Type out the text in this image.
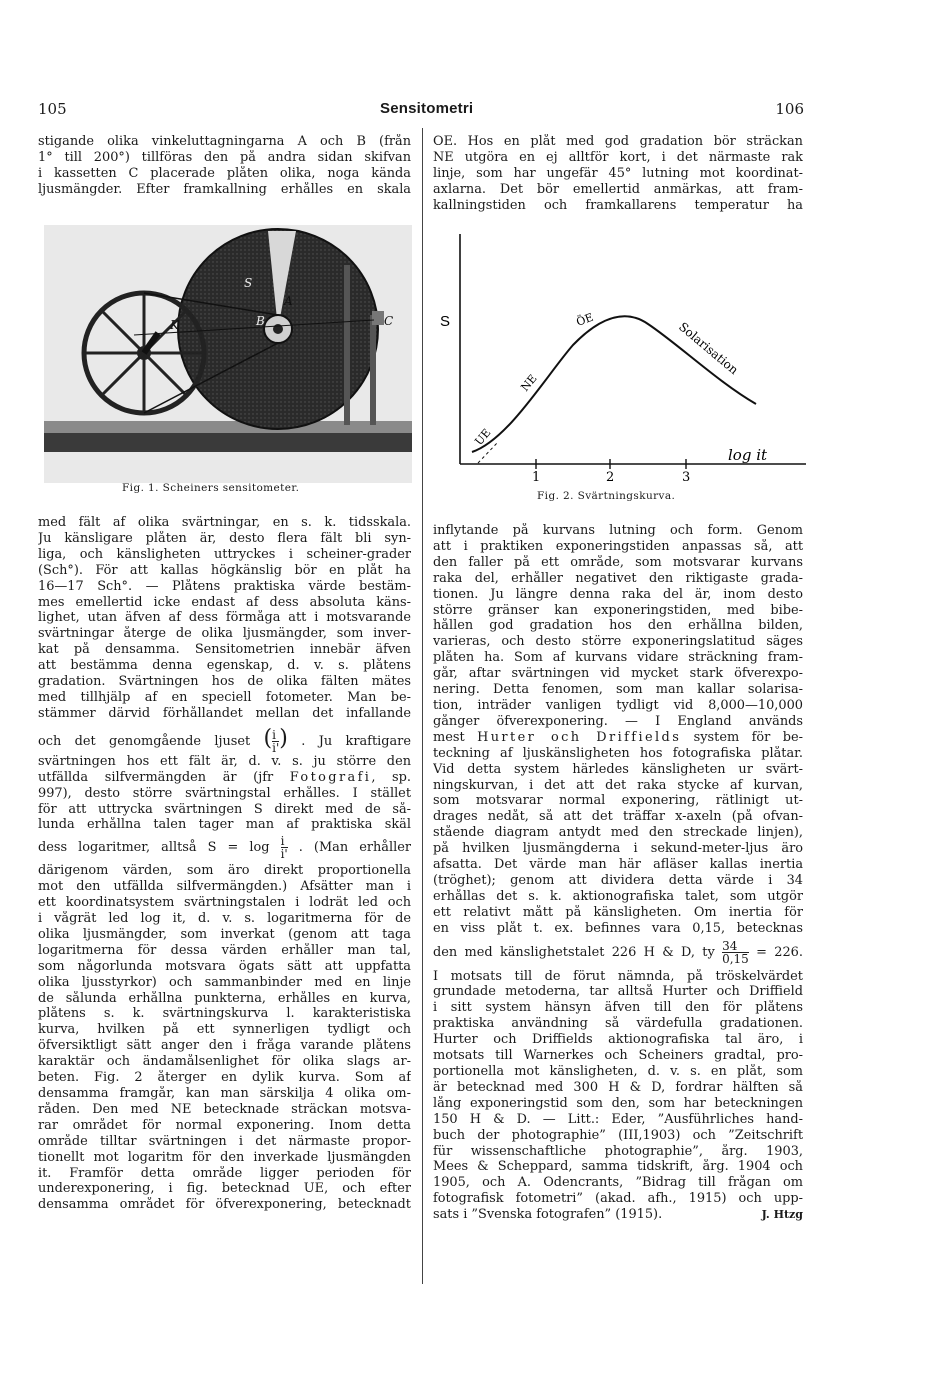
105	Sensitometri	106
stigande olika vinkeluttagningarna A och B (från
1° till 200°) tillföras den på andra sidan skifvan
i kassetten C placerade plåten olika, noga kända
ljusmängder. Efter framkallning erhålles en skala
S
A
K	B	C
Fig. 1. Scheiners sensitometer.
med fält af olika svärtningar, en s. k. tidsskala.
Ju känsligare plåten är, desto flera fält bli syn-
liga, och känsligheten uttryckes i scheiner-grader
(Sch°). För att kallas högkänslig bör en plåt ha
16—17 Sch°. — Plåtens praktiska värde bestäm-
mes emellertid icke endast af dess absoluta käns-
lighet, utan äfven af dess förmåga att i motsvarande
svärtningar återge de olika ljusmängder, som inver-
kat på densamma. Sensitometrien innebär äfven
att bestämma denna egenskap, d. v. s. plåtens
gradation. Svärtningen hos de olika fälten mätes
med tillhjälp af en speciell fotometer. Man be-
stämmer därvid förhållandet mellan det infallande
och det genomgående ljuset ( $\frac{i}{i'}$ ) . Ju kraftigare
svärtningen hos ett fält är, d. v. s. ju större den
utfällda silfvermängden är (jfr Fotografi, sp.
997), desto större svärtningstal erhålles. I stället
för att uttrycka svärtningen S direkt med de så-
lunda erhållna talen tager man af praktiska skäl
dess logaritmer, alltså $S = \log \frac{i}{i'}$ . (Man erhåller
därigenom värden, som äro direkt proportionella
mot den utfällda silfvermängden.) Afsätter man i
ett koordinatsystem svärtningstalen i lodrät led och
i vågrät led log it, d. v. s. logaritmerna för de
olika ljusmängder, som inverkat (genom att taga
logaritmerna för dessa värden erhåller man tal,
som någorlunda motsvara ögats sätt att uppfatta
olika ljusstyrkor) och sammanbinder med en linje
de sålunda erhållna punkterna, erhålles en kurva,
plåtens s. k. svärtningskurva l. karakteristiska
kurva, hvilken på ett synnerligen tydligt och
öfversiktligt sätt anger den i fråga varande plåtens
karaktär och ändamålsenlighet för olika slags ar-
beten. Fig. 2 återger en dylik kurva. Som af
densamma framgår, kan man särskilja 4 olika om-
råden. Den med NE betecknade sträckan motsva-
rar området för normal exponering. Inom detta
område tilltar svärtningen i det närmaste propor-
tionellt mot logaritm för den inverkade ljusmängden
it. Framför detta område ligger perioden för
underexponering, i fig. betecknad UE, och efter
densamma området för öfverexponering, betecknadt
ÖE. Hos en plåt med god gradation bör sträckan
NE utgöra en ej alltför kort, i det närmaste rak
linje, som har ungefär 45° lutning mot koordinat-
axlarna. Det bör emellertid anmärkas, att fram-
kallningstiden och framkallarens temperatur ha
S
1	2	3
log it
UE
NE
ÖE	Solarisation
Fig. 2. Svärtningskurva.
inflytande på kurvans lutning och form. Genom
att i praktiken exponeringstiden anpassas så, att
den faller på ett område, som motsvarar kurvans
raka del, erhåller negativet den riktigaste grada-
tionen. Ju längre denna raka del är, inom desto
större gränser kan exponeringstiden, med bibe-
hållen god gradation hos den erhållna bilden,
varieras, och desto större exponeringslatitud säges
plåten ha. Som af kurvans vidare sträckning fram-
går, aftar svärtningen vid mycket stark öfverexpo-
nering. Detta fenomen, som man kallar solarisa-
tion, inträder vanligen tydligt vid 8,000—10,000
gånger öfverexponering. — I England används
mest Hurter och Driffields system för be-
teckning af ljuskänsligheten hos fotografiska plåtar.
Vid detta system härledes känsligheten ur svärt-
ningskurvan, i det att det raka stycke af kurvan,
som motsvarar normal exponering, rätlinigt ut-
drages nedåt, så att det träffar x-axeln (på ofvan-
stående diagram antydt med den streckade linjen),
på hvilken ljusmängderna i sekund-meter-ljus äro
afsatta. Det värde man här afläser kallas inertia
(tröghet); genom att dividera detta värde i 34
erhållas det s. k. aktionografiska talet, som utgör
ett relativt mått på känsligheten. Om inertia för
en viss plåt t. ex. befinnes vara 0,15, betecknas
den med känslighetstalet 226 H & D, ty $\frac{34}{0,15} = 226$.
I motsats till de förut nämnda, på tröskelvärdet
grundade metoderna, tar alltså Hurter och Driffield
i sitt system hänsyn äfven till den för plåtens
praktiska användning så värdefulla gradationen.
Hurter och Driffields aktionografiska tal äro, i
motsats till Warnerkes och Scheiners gradtal, pro-
portionella mot känsligheten, d. v. s. en plåt, som
är betecknad med 300 H & D, fordrar hälften så
lång exponeringstid som den, som har beteckningen
150 H & D. — Litt.: Eder, ”Ausführliches hand-
buch der photographie” (III,1903) och ”Zeitschrift
für wissenschaftliche photographie”, årg. 1903,
Mees & Scheppard, samma tidskrift, årg. 1904 och
1905, och A. Odencrants, ”Bidrag till frågan om
fotografisk fotometri” (akad. afh., 1915) och upp-
sats i ”Svenska fotografen” (1915).	J. Htzg
